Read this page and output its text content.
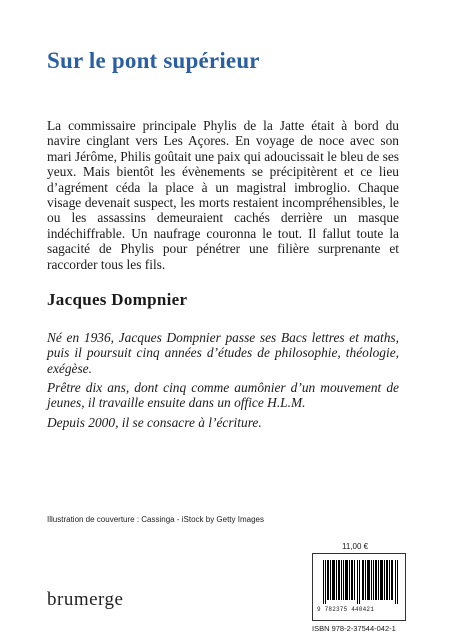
Sur le pont supérieur

La commissaire principale Phylis de la Jatte était à bord du navire cinglant vers Les Açores. En voyage de noce avec son mari Jérôme, Philis goûtait une paix qui adoucissait le bleu de ses yeux. Mais bientôt les évènements se précipitèrent et ce lieu d’agrément céda la place à un magistral imbroglio. Chaque visage devenait suspect, les morts restaient incompréhensibles, le ou les assassins demeuraient cachés derrière un masque indéchiffrable. Un naufrage couronna le tout. Il fallut toute la sagacité de Phylis pour pénétrer une filière surprenante et raccorder tous les fils.

Jacques Dompnier

Né en 1936, Jacques Dompnier passe ses Bacs lettres et maths, puis il poursuit cinq années d’études de philosophie, théologie, exégèse.

Prêtre dix ans, dont cinq comme aumônier d’un mouvement de jeunes, il travaille ensuite dans un office H.L.M.

Depuis 2000, il se consacre à l’écriture.

Illustration de couverture : Cassinga - iStock by Getty Images
brumerge
11,00 €
9 782375 440421
ISBN 978-2-37544-042-1
